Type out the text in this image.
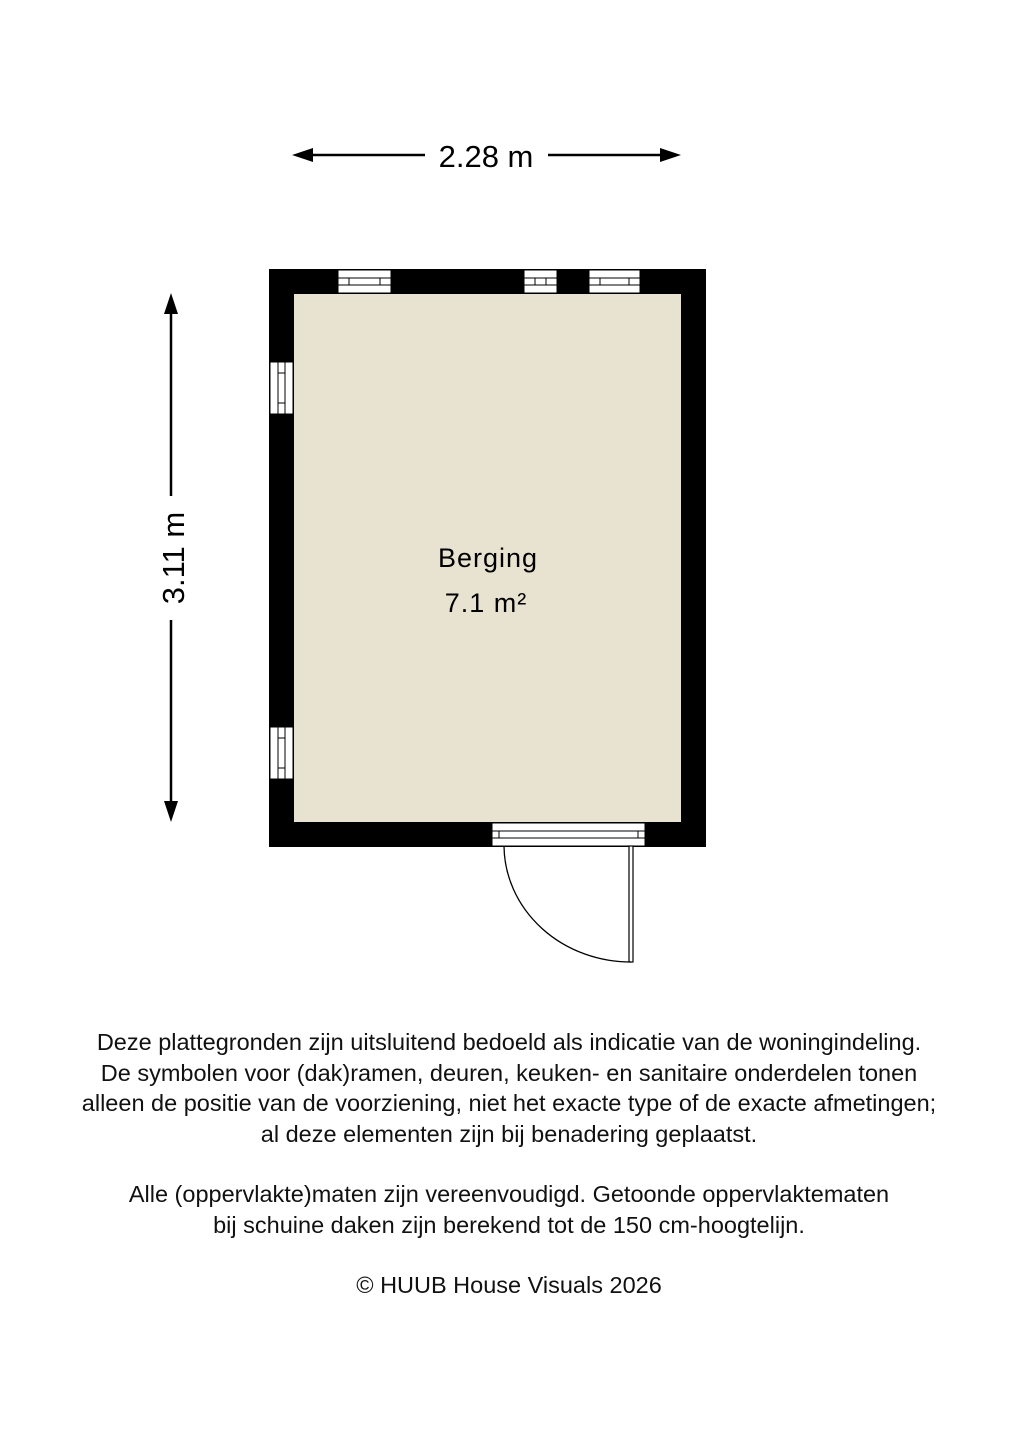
2.28 m
3.11 m	Berging
7.1 m²
Deze plattegronden zijn uitsluitend bedoeld als indicatie van de woningindeling.
De symbolen voor (dak)ramen, deuren, keuken- en sanitaire onderdelen tonen
alleen de positie van de voorziening, niet het exacte type of de exacte afmetingen;
al deze elementen zijn bij benadering geplaatst.
Alle (oppervlakte)maten zijn vereenvoudigd. Getoonde oppervlaktematen
bij schuine daken zijn berekend tot de 150 cm-hoogtelijn.
© HUUB House Visuals 2026
